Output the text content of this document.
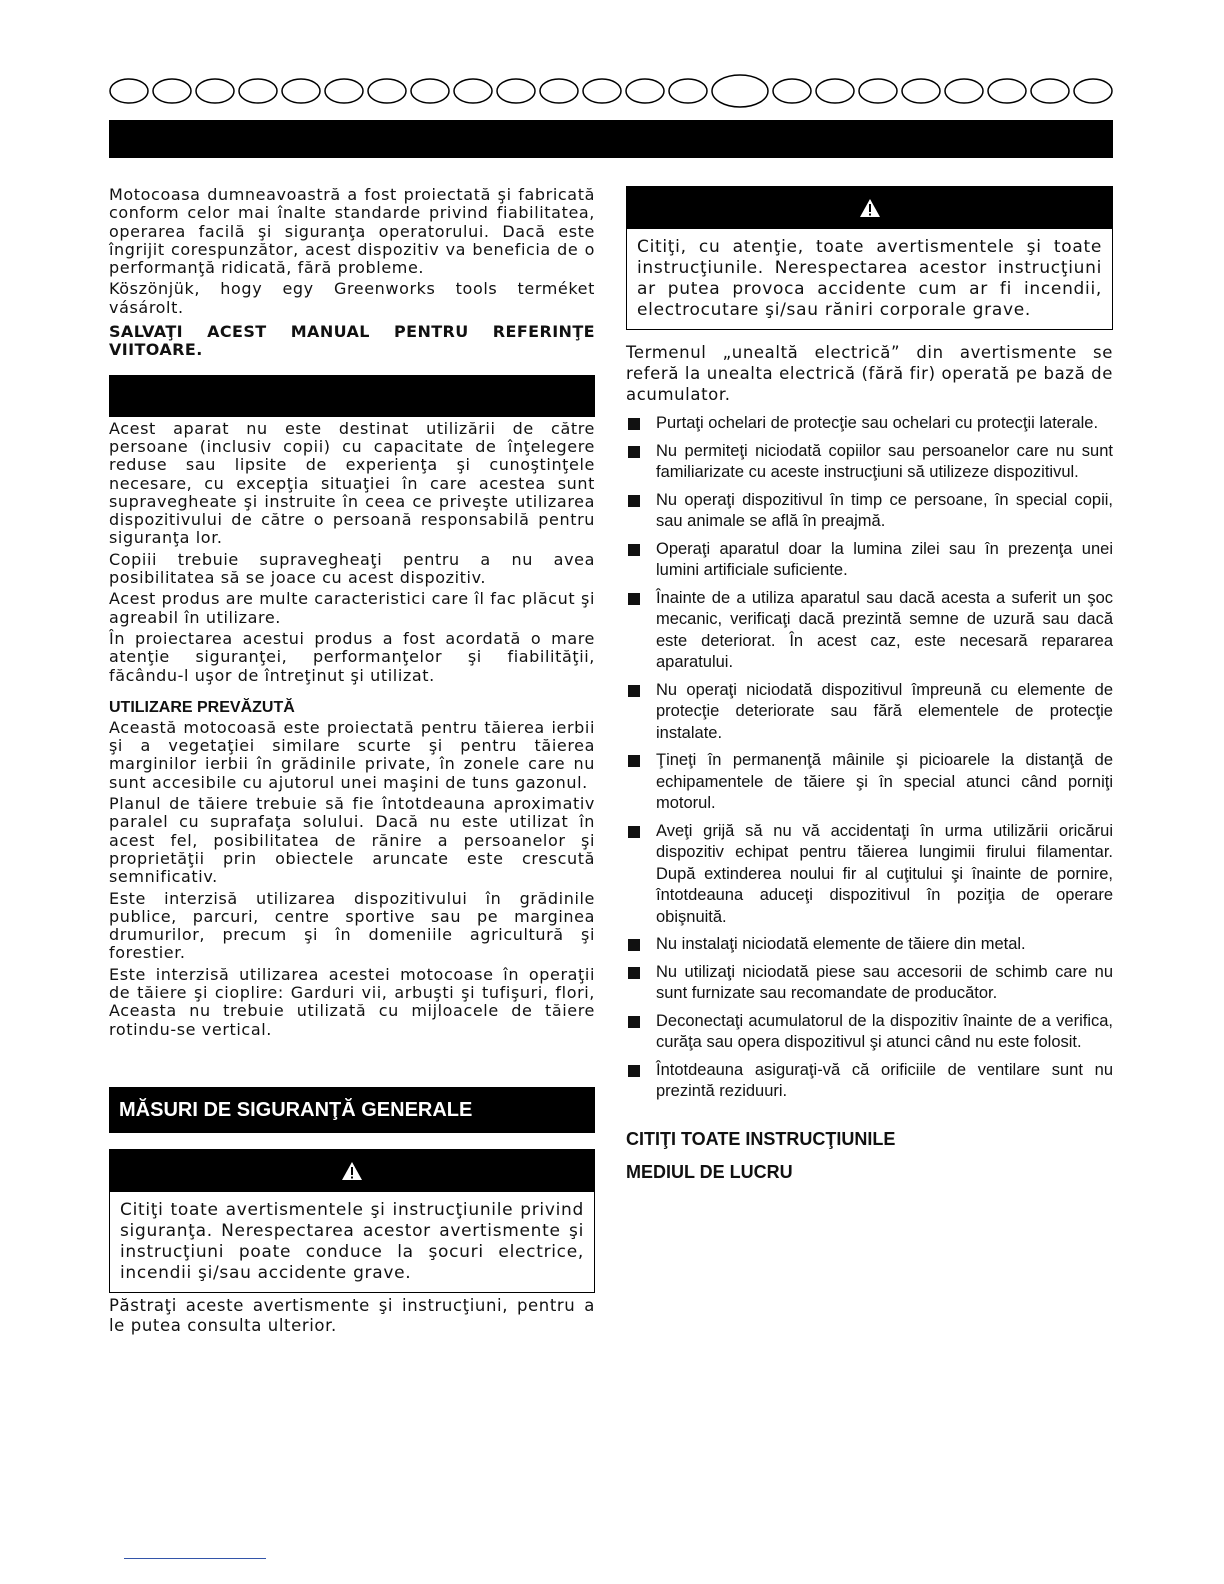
Motocoasa dumneavoastră a fost proiectată şi fabricată conform celor mai înalte standarde privind fiabilitatea, operarea facilă şi siguranţa operatorului. Dacă este îngrijit corespunzător, acest dispozitiv va beneficia de o performanţă ridicată, fără probleme.

Köszönjük, hogy egy Greenworks tools terméket vásárolt.

SALVAŢI ACEST MANUAL PENTRU REFERINŢE VIITOARE.

Acest aparat nu este destinat utilizării de către persoane (inclusiv copii) cu capacitate de înţelegere reduse sau lipsite de experienţa şi cunoştinţele necesare, cu excepţia situaţiei în care acestea sunt supravegheate şi instruite în ceea ce priveşte utilizarea dispozitivului de către o persoană responsabilă pentru siguranţa lor.

Copiii trebuie supravegheaţi pentru a nu avea posibilitatea să se joace cu acest dispozitiv.

Acest produs are multe caracteristici care îl fac plăcut şi agreabil în utilizare.

În proiectarea acestui produs a fost acordată o mare atenţie siguranţei, performanţelor şi fiabilităţii, făcându-l uşor de întreţinut şi utilizat.

UTILIZARE PREVĂZUTĂ

Această motocoasă este proiectată pentru tăierea ierbii şi a vegetaţiei similare scurte şi pentru tăierea marginilor ierbii în grădinile private, în zonele care nu sunt accesibile cu ajutorul unei maşini de tuns gazonul.

Planul de tăiere trebuie să fie întotdeauna aproximativ paralel cu suprafaţa solului. Dacă nu este utilizat în acest fel, posibilitatea de rănire a persoanelor şi proprietăţii prin obiectele aruncate este crescută semnificativ.

Este interzisă utilizarea dispozitivului în grădinile publice, parcuri, centre sportive sau pe marginea drumurilor, precum şi în domeniile agricultură şi forestier.

Este interzisă utilizarea acestei motocoase în operaţii de tăiere şi cioplire: Garduri vii, arbuşti şi tufişuri, flori, Aceasta nu trebuie utilizată cu mijloacele de tăiere rotindu-se vertical.

MĂSURI DE SIGURANŢĂ GENERALE
Citiţi toate avertismentele şi instrucţiunile privind siguranţa. Nerespectarea acestor avertismente şi instrucţiuni poate conduce la şocuri electrice, incendii şi/sau accidente grave.

Păstraţi aceste avertismente şi instrucţiuni, pentru a le putea consulta ulterior.

Citiţi, cu atenţie, toate avertismentele şi toate instrucţiunile. Nerespectarea acestor instrucţiuni ar putea provoca accidente cum ar fi incendii, electrocutare şi/sau răniri corporale grave.

Termenul „unealtă electrică” din avertismente se referă la unealta electrică (fără fir) operată pe bază de acumulator.

Purtaţi ochelari de protecţie sau ochelari cu protecţii laterale.
Nu permiteţi niciodată copiilor sau persoanelor care nu sunt familiarizate cu aceste instrucţiuni să utilizeze dispozitivul.
Nu operaţi dispozitivul în timp ce persoane, în special copii, sau animale se află în preajmă.
Operaţi aparatul doar la lumina zilei sau în prezenţa unei lumini artificiale suficiente.
Înainte de a utiliza aparatul sau dacă acesta a suferit un şoc mecanic, verificaţi dacă prezintă semne de uzură sau dacă este deteriorat. În acest caz, este necesară repararea aparatului.
Nu operaţi niciodată dispozitivul împreună cu elemente de protecţie deteriorate sau fără elementele de protecţie instalate.
Ţineţi în permanenţă mâinile şi picioarele la distanţă de echipamentele de tăiere şi în special atunci când porniţi motorul.
Aveţi grijă să nu vă accidentaţi în urma utilizării oricărui dispozitiv echipat pentru tăierea lungimii firului filamentar. După extinderea noului fir al cuţitului şi înainte de pornire, întotdeauna aduceţi dispozitivul în poziţia de operare obişnuită.
Nu instalaţi niciodată elemente de tăiere din metal.
Nu utilizaţi niciodată piese sau accesorii de schimb care nu sunt furnizate sau recomandate de producător.
Deconectaţi acumulatorul de la dispozitiv înainte de a verifica, curăţa sau opera dispozitivul şi atunci când nu este folosit.
Întotdeauna asiguraţi-vă că orificiile de ventilare sunt nu prezintă reziduuri.
CITIŢI TOATE INSTRUCŢIUNILE
MEDIUL DE LUCRU
